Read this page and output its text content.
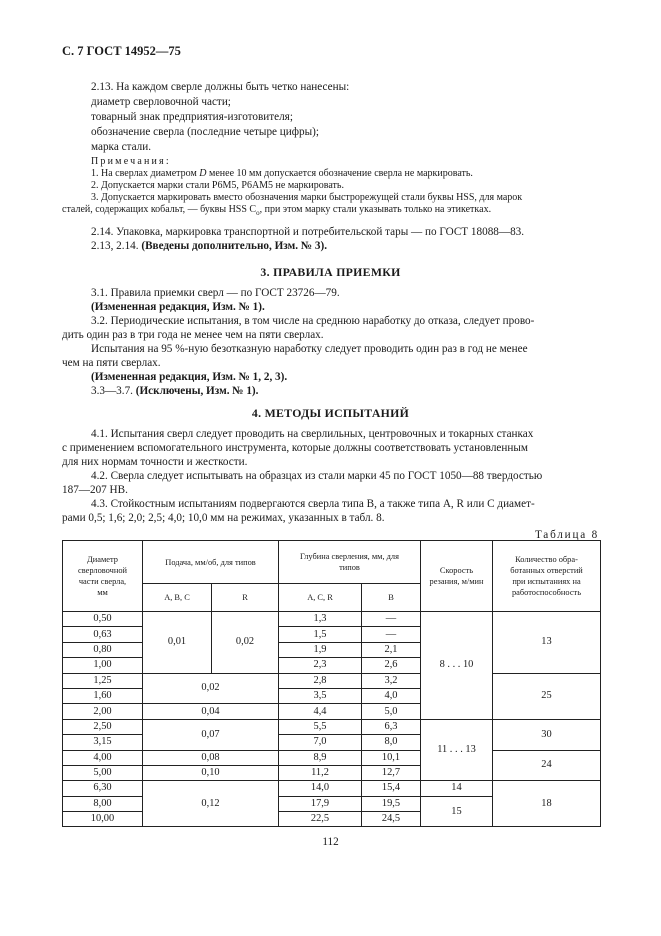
С. 7 ГОСТ 14952—75
2.13. На каждом сверле должны быть четко нанесены:
диаметр сверловочной части;
товарный знак предприятия-изготовителя;
обозначение сверла (последние четыре цифры);
марка стали.
Примечания:
1. На сверлах диаметром D менее 10 мм допускается обозначение сверла не маркировать.
2. Допускается марки стали Р6М5, Р6АМ5 не маркировать.
3. Допускается маркировать вместо обозначения марки быстрорежущей стали буквы HSS, для марок
сталей, содержащих кобальт, — буквы HSS $C_o$, при этом марку стали указывать только на этикетках.
2.14. Упаковка, маркировка транспортной и потребительской тары — по ГОСТ 18088—83.
2.13, 2.14. (Введены дополнительно, Изм. № 3).
3. ПРАВИЛА ПРИЕМКИ
3.1. Правила приемки сверл — по ГОСТ 23726—79.
(Измененная редакция, Изм. № 1).
3.2. Периодические испытания, в том числе на среднюю наработку до отказа, следует прово-
дить один раз в три года не менее чем на пяти сверлах.
Испытания на 95 %-ную безотказную наработку следует проводить один раз в год не менее
чем на пяти сверлах.
(Измененная редакция, Изм. № 1, 2, 3).
3.3—3.7. (Исключены, Изм. № 1).
4. МЕТОДЫ ИСПЫТАНИЙ
4.1. Испытания сверл следует проводить на сверлильных, центровочных и токарных станках
с применением вспомогательного инструмента, которые должны соответствовать установленным
для них нормам точности и жесткости.
4.2. Сверла следует испытывать на образцах из стали марки 45 по ГОСТ 1050—88 твердостью
187—207 НВ.
4.3. Стойкостным испытаниям подвергаются сверла типа В, а также типа А, R или С диамет-
рами 0,5; 1,6; 2,0; 2,5; 4,0; 10,0 мм на режимах, указанных в табл. 8.
Таблица 8
Диаметр
сверловочной
части сверла,
мм	Подача, мм/об, для типов		Глубина сверления, мм, для
типов		Скорость
резания, м/мин	Количество обра-
ботанных отверстий
при испытаниях на
работоспособность
	А, В, С	R	А, С, R	В		
0,50	0,01	0,02	1,3	—	8 . . . 10	13
0,63			1,5	—		
0,80			1,9	2,1		
1,00			2,3	2,6		
1,25	0,02		2,8	3,2		25
1,60			3,5	4,0		
2,00	0,04		4,4	5,0		
2,50	0,07		5,5	6,3	11 . . . 13	30
3,15			7,0	8,0		
4,00	0,08		8,9	10,1		24
5,00	0,10		11,2	12,7		
6,30	0,12		14,0	15,4	14	18
8,00			17,9	19,5	15	
10,00			22,5	24,5		
112
